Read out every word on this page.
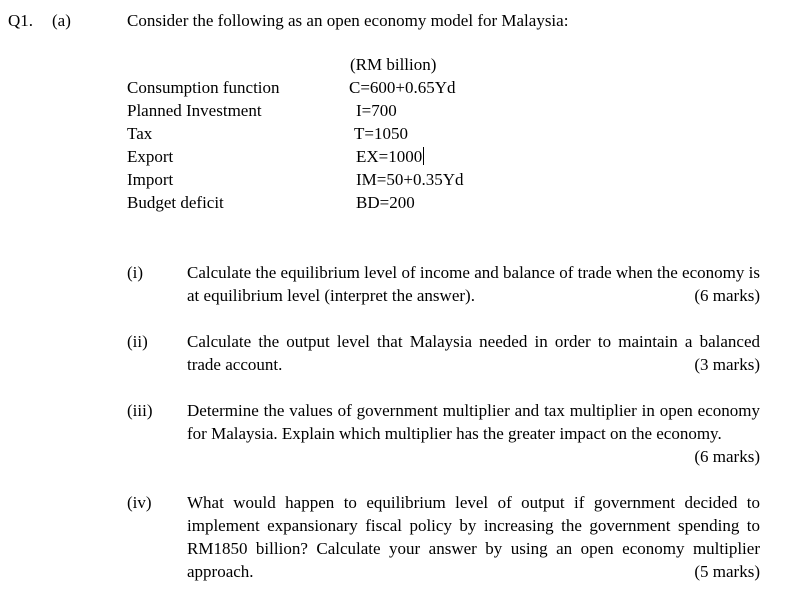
Q1. (a)	Consider the following as an open economy model for Malaysia:
(RM billion)
Consumption function	C=600+0.65Yd
Planned Investment	I=700
Tax	T=1050
Export	EX=1000
Import	IM=50+0.35Yd
Budget deficit	BD=200
(i)	Calculate the equilibrium level of income and balance of trade when the economy is at equilibrium level (interpret the answer).	(6 marks)
(ii) Calculate the output level that Malaysia needed in order to maintain a balanced trade account.	(3 marks)
(iii) Determine the values of government multiplier and tax multiplier in open economy for Malaysia. Explain which multiplier has the greater impact on the economy.
(6 marks)
(iv) What would happen to equilibrium level of output if government decided to implement expansionary fiscal policy by increasing the government spending to RM1850 billion? Calculate your answer by using an open economy multiplier approach.	(5 marks)
